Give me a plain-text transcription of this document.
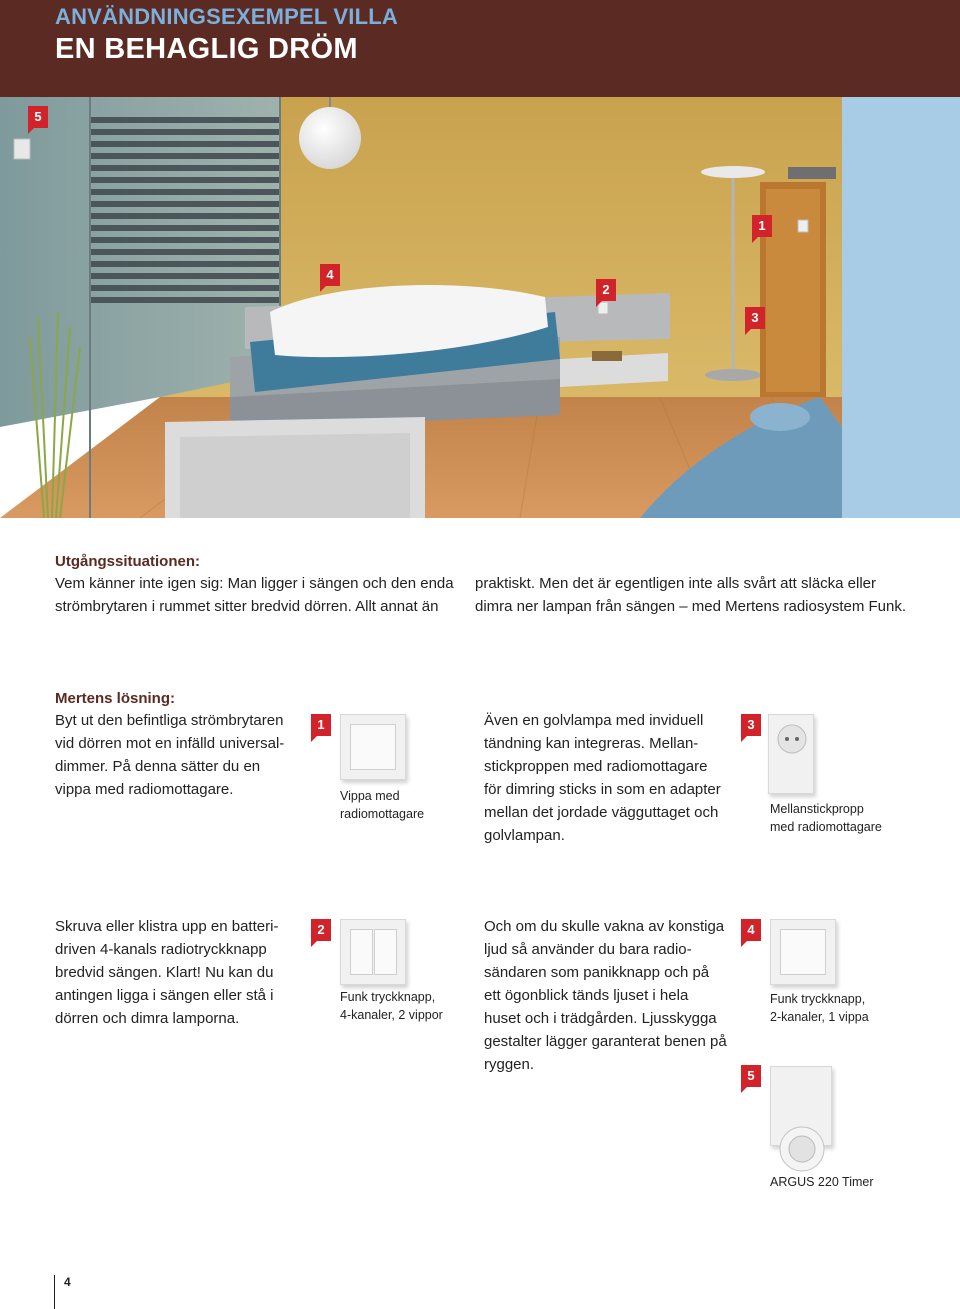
ANVÄNDNINGSEXEMPEL VILLA
EN BEHAGLIG DRÖM
5
4
2
1
3
Utgångssituationen:
Vem känner inte igen sig: Man ligger i sängen och den enda
strömbrytaren i rummet sitter bredvid dörren. Allt annat än
praktiskt. Men det är egentligen inte alls svårt att släcka eller
dimra ner lampan från sängen – med Mertens radiosystem Funk.
Mertens lösning:
Byt ut den befintliga strömbrytaren
vid dörren mot en infälld universal-
dimmer. På denna sätter du en
vippa med radiomottagare.
1
Vippa med
radiomottagare
Även en golvlampa med inviduell
tändning kan integreras. Mellan-
stickproppen med radiomottagare
för dimring sticks in som en adapter
mellan det jordade vägguttaget och
golvlampan.
3
Mellanstickpropp
med radiomottagare
Skruva eller klistra upp en batteri-
driven 4-kanals radiotryckknapp
bredvid sängen. Klart! Nu kan du
antingen ligga i sängen eller stå i
dörren och dimra lamporna.
2
Funk tryckknapp,
4-kanaler, 2 vippor
Och om du skulle vakna av konstiga
ljud så använder du bara radio-
sändaren som panikknapp och på
ett ögonblick tänds ljuset i hela
huset och i trädgården. Ljusskygga
gestalter lägger garanterat benen på
ryggen.
4
Funk tryckknapp,
2-kanaler, 1 vippa
5
ARGUS 220 Timer
4
